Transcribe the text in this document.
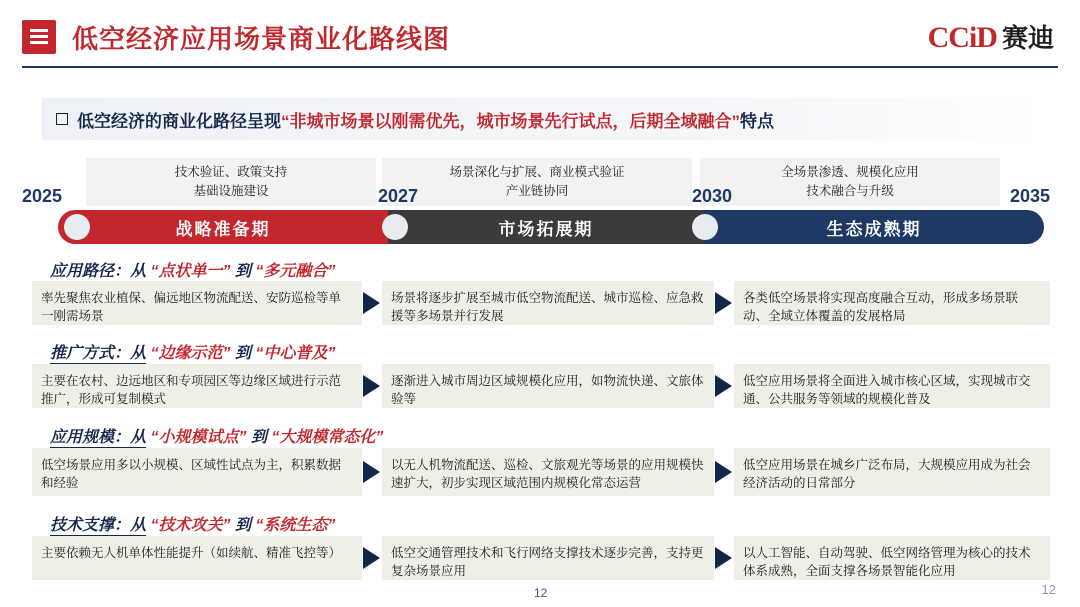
低空经济应用场景商业化路线图	CCiD 赛迪
低空经济的商业化路径呈现 “非城市场景以刚需优先，城市场景先行试点，后期全域融合” 特点
技术验证、政策支持
基础设施建设
场景深化与扩展、商业模式验证
产业链协同
全场景渗透、规模化应用
技术融合与升级
2025	2027	2030	2035
战略准备期	市场拓展期	生态成熟期
应用路径：从 “点状单一” 到 “多元融合”
率先聚焦农业植保、偏远地区物流配送、安防巡检等单一刚需场景
场景将逐步扩展至城市低空物流配送、城市巡检、应急救援等多场景并行发展
各类低空场景将实现高度融合互动，形成多场景联动、全域立体覆盖的发展格局
推广方式：从 “边缘示范” 到 “中心普及”
主要在农村、边远地区和专项园区等边缘区域进行示范推广，形成可复制模式
逐渐进入城市周边区域规模化应用，如物流快递、文旅体验等
低空应用场景将全面进入城市核心区域，实现城市交通、公共服务等领域的规模化普及
应用规模：从 “小规模试点” 到 “大规模常态化”
低空场景应用多以小规模、区域性试点为主，积累数据和经验
以无人机物流配送、巡检、文旅观光等场景的应用规模快速扩大，初步实现区域范围内规模化常态运营
低空应用场景在城乡广泛布局，大规模应用成为社会经济活动的日常部分
技术支撑：从 “技术攻关” 到 “系统生态”
主要依赖无人机单体性能提升（如续航、精准飞控等）	低空交通管理技术和飞行网络支撑技术逐步完善，支持更复杂场景应用
以人工智能、自动驾驶、低空网络管理为核心的技术体系成熟，全面支撑各场景智能化应用
12	12
